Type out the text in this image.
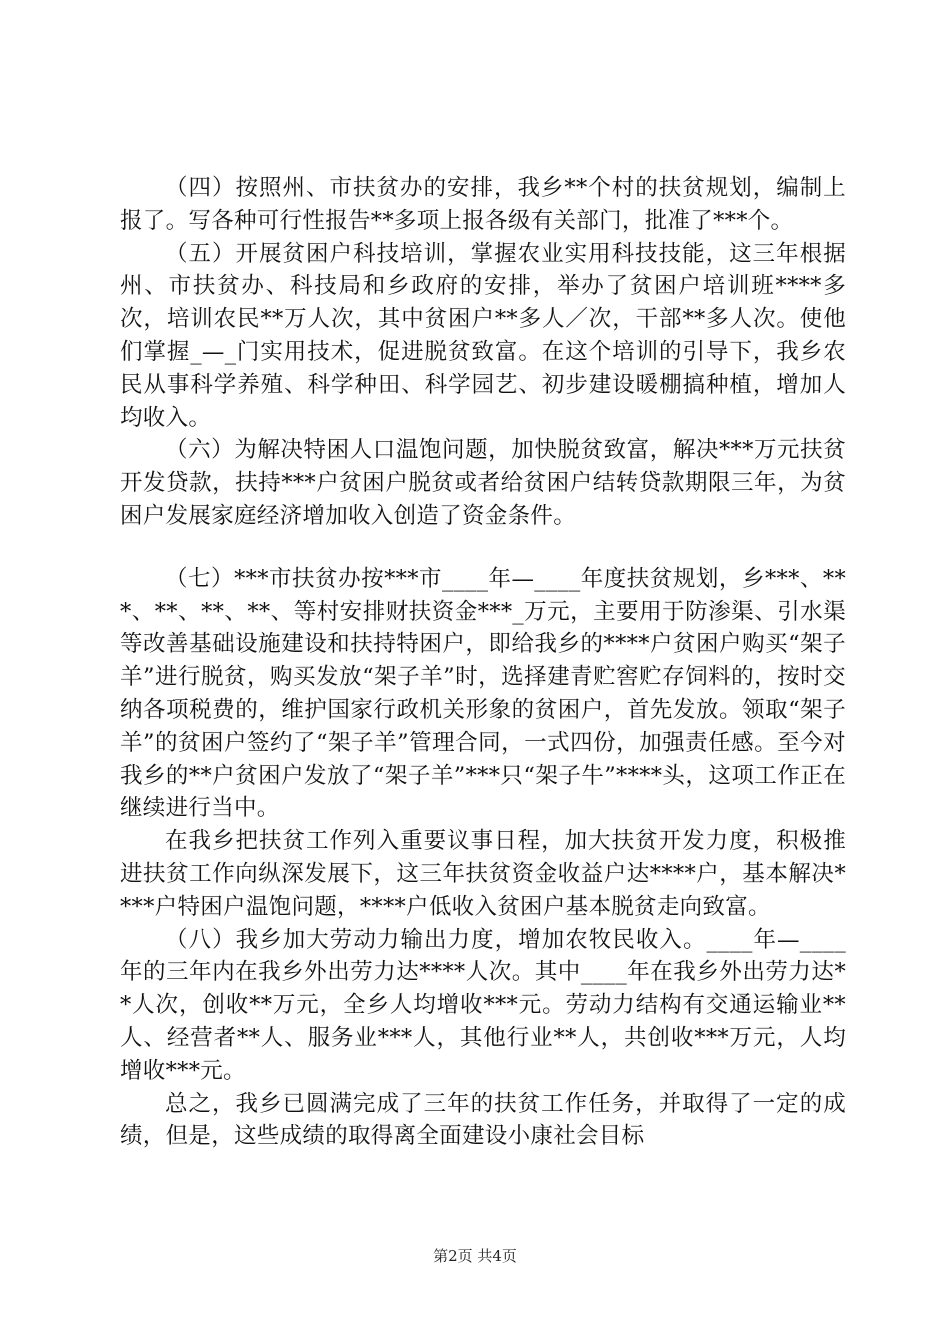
（四）按照州、市扶贫办的安排，我乡**个村的扶贫规划，编制上报了。写各种可行性报告**多项上报各级有关部门，批准了***个。

（五）开展贫困户科技培训，掌握农业实用科技技能，这三年根据州、市扶贫办、科技局和乡政府的安排，举办了贫困户培训班****多次，培训农民**万人次，其中贫困户**多人／次，干部**多人次。使他们掌握_—_门实用技术，促进脱贫致富。在这个培训的引导下，我乡农民从事科学养殖、科学种田、科学园艺、初步建设暖棚搞种植，增加人均收入。

（六）为解决特困人口温饱问题，加快脱贫致富，解决***万元扶贫开发贷款，扶持***户贫困户脱贫或者给贫困户结转贷款期限三年，为贫困户发展家庭经济增加收入创造了资金条件。

（七）***市扶贫办按***市____年—____年度扶贫规划，乡***、***、**、**、**、等村安排财扶资金***_万元，主要用于防渗渠、引水渠等改善基础设施建设和扶持特困户，即给我乡的****户贫困户购买“架子羊”进行脱贫，购买发放“架子羊”时，选择建青贮窖贮存饲料的，按时交纳各项税费的，维护国家行政机关形象的贫困户，首先发放。领取“架子羊”的贫困户签约了“架子羊”管理合同，一式四份，加强责任感。至今对我乡的**户贫困户发放了“架子羊”***只“架子牛”****头，这项工作正在继续进行当中。

在我乡把扶贫工作列入重要议事日程，加大扶贫开发力度，积极推进扶贫工作向纵深发展下，这三年扶贫资金收益户达****户，基本解决****户特困户温饱问题，****户低收入贫困户基本脱贫走向致富。

（八）我乡加大劳动力输出力度，增加农牧民收入。____年—____年的三年内在我乡外出劳力达****人次。其中____年在我乡外出劳力达**人次，创收**万元，全乡人均增收***元。劳动力结构有交通运输业**人、经营者**人、服务业***人，其他行业**人，共创收***万元，人均增收***元。

总之，我乡已圆满完成了三年的扶贫工作任务，并取得了一定的成绩，但是，这些成绩的取得离全面建设小康社会目标

第2页 共4页
